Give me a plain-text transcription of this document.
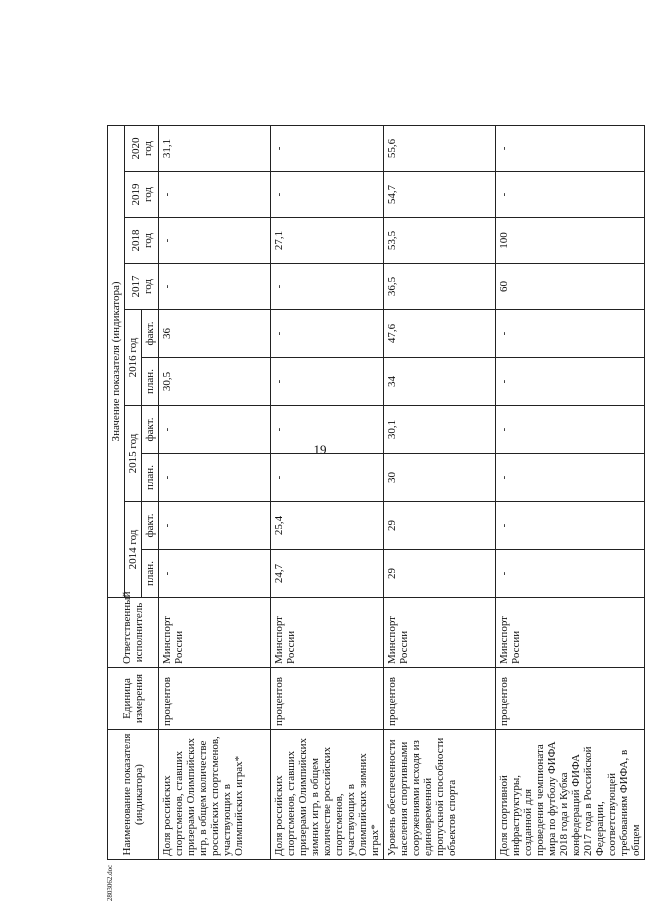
19
Наименование показателя (индикатора)	Единица измерения	Ответственный исполнитель	Значение показателя (индикатора)										
			2014 год		2015 год		2016 год		2017 год	2018 год	2019 год	2020 год	
			план.	факт.	план.	факт.	план.	факт.					
Доля российских спортсменов, ставших призерами Олимпийских игр, в общем количестве российских спортсменов, участвующих в Олимпийских играх*	процентов	Минспорт России	-	-	-	-	30,5	36	-	-	-	31,1	
Доля российских спортсменов, ставших призерами Олимпийских зимних игр, в общем количестве российских спортсменов, участвующих в Олимпийских зимних играх*	процентов	Минспорт России	24,7	25,4	-	-	-	-	-	27,1	-	-	
Уровень обеспеченности населения спортивными сооружениями исходя из единовременной пропускной способности объектов спорта	процентов	Минспорт России	29	29	30	30,1	34	47,6	36,5	53,5	54,7	55,6	
Доля спортивной инфраструктуры, созданной для проведения чемпионата мира по футболу ФИФА 2018 года и Кубка конфедераций ФИФА 2017 года в Российской Федерации, соответствующей требованиям ФИФА, в общем	процентов	Минспорт России	-	-	-	-	-	-	60	100	-	-	
2803062.doc
